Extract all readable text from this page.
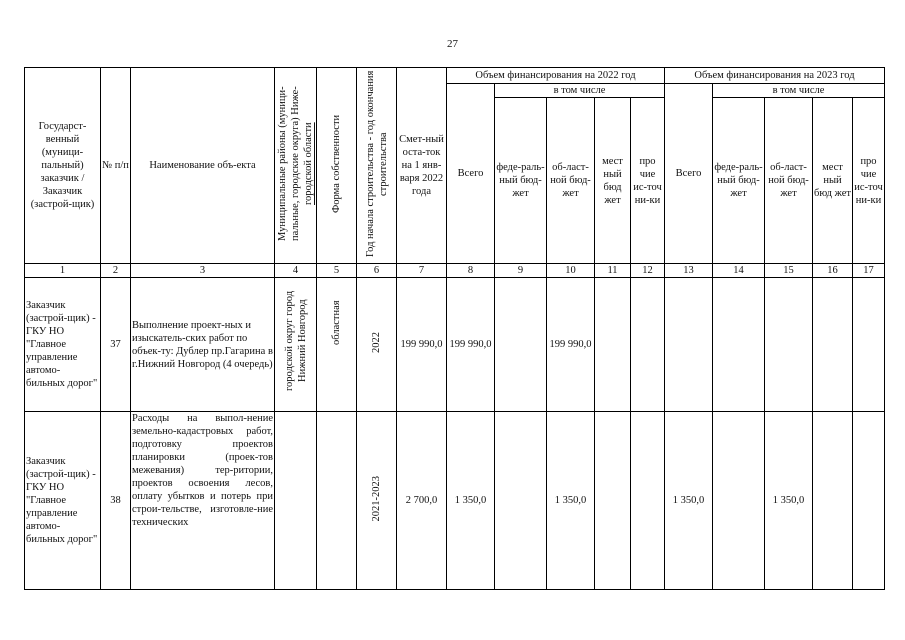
27
Государст-венный (муници-пальный) заказчик / Заказчик (застрой-щик)	№ п/п	Наименование объ-екта	Муниципальные районы (муници-пальные, городские округа) Ниже- городской области	Форма собственности	Год начала строительства - год окончания строительства	Смет-ный оста-ток на 1 янв-варя 2022 года	Объем финансирования на 2022 год					Объем финансирования на 2023 год				
							Всего	в том числе				Всего	в том числе			
								феде-раль-ный бюд-жет	об-ласт-ной бюд-жет	мест ный бюд жет	про чие ис-точ ни-ки		феде-раль-ный бюд-жет	об-ласт-ной бюд-жет	мест ный бюд жет	про чие ис-точ ни-ки
1	2	3	4	5	6	7	8	9	10	11	12	13	14	15	16	17
Заказчик (застрой-щик) - ГКУ НО "Главное управление автомо-бильных дорог"	37	Выполнение проект-ных и изыскатель-ских работ по объек-ту: Дублер пр.Гагарина в г.Нижний Новгород (4 очередь)	городской округ город Нижний Новгород	областная	2022	199 990,0	199 990,0		199 990,0							
Заказчик (застрой-щик) - ГКУ НО "Главное управление автомо-бильных дорог"	38	Расходы на выпол-нение земельно-кадастровых работ, подготовку проектов планировки (проек-тов межевания) тер-ритории, проектов освоения лесов, оплату убытков и потерь при строи-тельстве, изготовле-ние технических			2021-2023	2 700,0	1 350,0		1 350,0			1 350,0		1 350,0		
